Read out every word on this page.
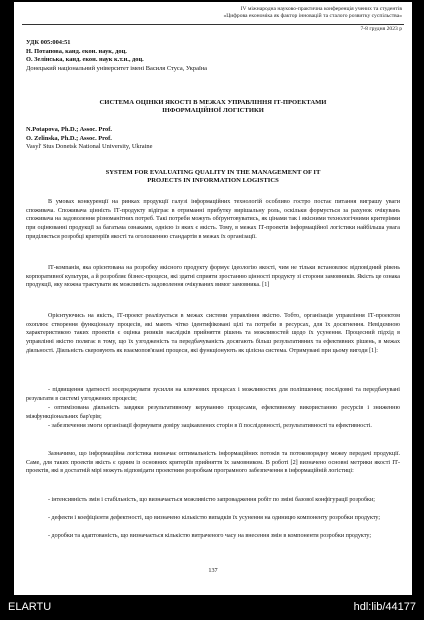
IV міжнародна науково-практична конференція учених та студентів
«Цифрова економіка як фактор інновацій та сталого розвитку суспільства»
7-8 грудня 2023 р
УДК 005:004:51
Н. Потапова, канд. екон. наук, доц.
О. Зелінська, канд. екон. наук к.т.н., доц.
Донецький національний університет імені Василя Стуса, Україна
СИСТЕМА ОЦІНКИ ЯКОСТІ В МЕЖАХ УПРАВЛІННЯ ІТ-ПРОЕКТАМИ
ІНФОРМАЦІЙНОЇ ЛОГІСТИКИ
N.Potapova, Ph.D.; Assoc. Prof.
O. Zelinska, Ph.D.; Assoc. Prof.
Vasyl' Stus Donetsk National University, Ukraine
SYSTEM FOR EVALUATING QUALITY IN THE MANAGEMENT OF IT
PROJECTS IN INFORMATION LOGISTICS
В умовах конкуренції на ринках продукції галузі інформаційних технологій особливо гостро постає питання виграшу уваги споживача. Споживача цінність ІТ-продукту відіграє в отриманні прибутку вирішальну роль, оскільки формується за рахунок очікувань споживача на задоволення різноманітних потреб. Такі потреби можуть обґрунтовуватись, як цінами так і якісними технологічними критеріями при оцінюванні продукції за багатьма ознаками, однією із яких є якість. Тому, в межах ІТ-проектів інформаційної логістики найбільша увага приділяється розробці критеріїв якості та оголошенню стандартів в межах їх організації.
ІТ-компанія, яка орієнтована на розробку якісного продукту формує ідеологію якості, чим не тільки встановлює відповідний рівень корпоративної культури, а й розробляє бізнес-процеси, які здатні сприяти зростанню цінності продукту зі сторони замовників. Якість це ознака продукції, яку можна трактувати як можливість задоволення очікуваних вимог замовника. [1]
Орієнтуючись на якість, ІТ-проект реалізується в межах системи управління якістю. Тобто, організація управління ІТ-проектом охоплює створення функціоналу процесів, які мають чітко ідентифіковані цілі та потреби в ресурсах, для їх досягнення. Невідємною характеристикою таких проектів є оцінка ризиків наслідків прийняття рішень та можливостей щодо їх усунення. Процесний підхід в управлінні якістю полягає в тому, що їх узгодженість та передбачуваність досягають більш результативних та ефективних рішень, в межах діяльності. Діяльність скеровують як взаємопов'язані процеси, які функціонують як цілісна система. Отримувані при цьому вигоди [1]:
- підвищення здатності зосереджувати зусилля на ключових процесах і можливостях для поліпшення; послідовні та передбачувані результати в системі узгоджених процесів;
- оптимізована діяльність завдяки результативному керуванню процесами, ефективному використанню ресурсів і зниженню міжфункціональних бар'єрів;
- забезпечення змоги організації формувати довіру зацікавлених сторін в її послідовності, результативності та ефективності.
Зазначимо, що інформаційна логістика визначає оптимальність інформаційних потоків та потоковорядну межеу передачі продукції. Саме, для таких проектів якість є одним із основних критеріїв прийняття їх замовником. В роботі [2] визначено основні метрики якості ІТ-проектів, які в достатній мірі можуть відповідати проектним розробкам програмного забезпечення в інформаційній логістиці:
- інтенсивність змін і стабільність, що визначається можливістю запровадження робіт по зміні базової конфігурації розробки;
- дефекти і коефіцієнти дефектності, що визначено кількістю випадків їх усунення на одиницю компоненту розробки продукту;
- доробки та адаптованість, що визначається кількістю витраченого часу на внесення змін в компоненти розробки продукту;
137
ELARTU	hdl:lib/44177
